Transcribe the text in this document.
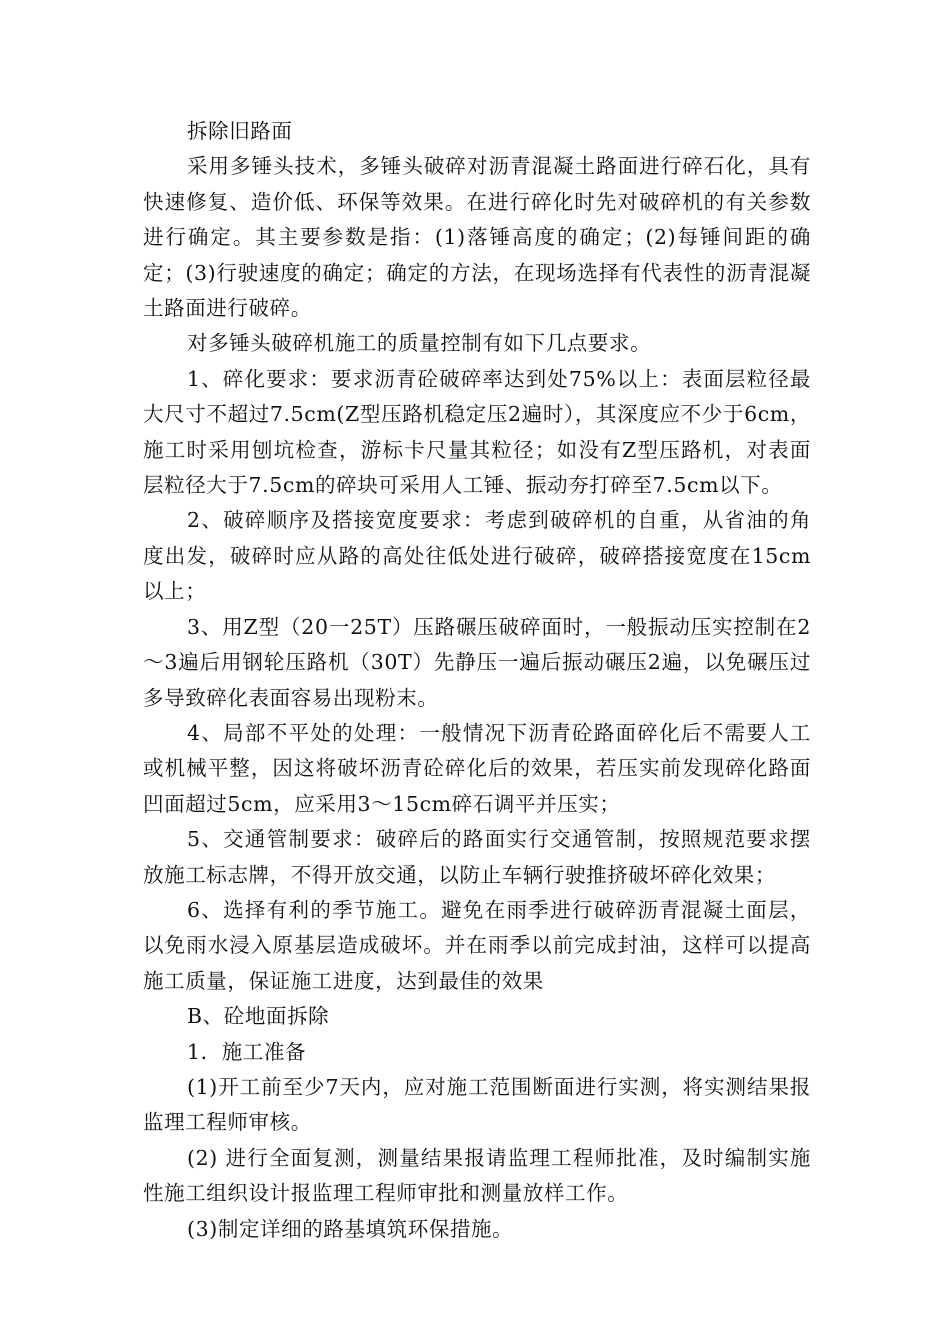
拆除旧路面

采用多锤头技术，多锤头破碎对沥青混凝土路面进行碎石化，具有快速修复、造价低、环保等效果。在进行碎化时先对破碎机的有关参数进行确定。其主要参数是指：(1)落锤高度的确定；(2)每锤间距的确定；(3)行驶速度的确定；确定的方法，在现场选择有代表性的沥青混凝土路面进行破碎。

对多锤头破碎机施工的质量控制有如下几点要求。

1、碎化要求：要求沥青砼破碎率达到处75%以上：表面层粒径最大尺寸不超过7.5cm(Z型压路机稳定压2遍时），其深度应不少于6cm，施工时采用刨坑检查，游标卡尺量其粒径；如没有Z型压路机，对表面层粒径大于7.5cm的碎块可采用人工锤、振动夯打碎至7.5cm以下。

2、破碎顺序及搭接宽度要求：考虑到破碎机的自重，从省油的角度出发，破碎时应从路的高处往低处进行破碎，破碎搭接宽度在15cm以上；

3、用Z型（20一25T）压路碾压破碎面时，一般振动压实控制在2～3遍后用钢轮压路机（30T）先静压一遍后振动碾压2遍，以免碾压过多导致碎化表面容易出现粉末。

4、局部不平处的处理：一般情况下沥青砼路面碎化后不需要人工或机械平整，因这将破坏沥青砼碎化后的效果，若压实前发现碎化路面凹面超过5cm，应采用3～15cm碎石调平并压实；

5、交通管制要求：破碎后的路面实行交通管制，按照规范要求摆放施工标志牌，不得开放交通，以防止车辆行驶推挤破坏碎化效果；

6、选择有利的季节施工。避免在雨季进行破碎沥青混凝土面层，以免雨水浸入原基层造成破坏。并在雨季以前完成封油，这样可以提高施工质量，保证施工进度，达到最佳的效果

B、砼地面拆除

1．施工准备

(1)开工前至少7天内，应对施工范围断面进行实测，将实测结果报监理工程师审核。

(2) 进行全面复测，测量结果报请监理工程师批准，及时编制实施性施工组织设计报监理工程师审批和测量放样工作。

(3)制定详细的路基填筑环保措施。
